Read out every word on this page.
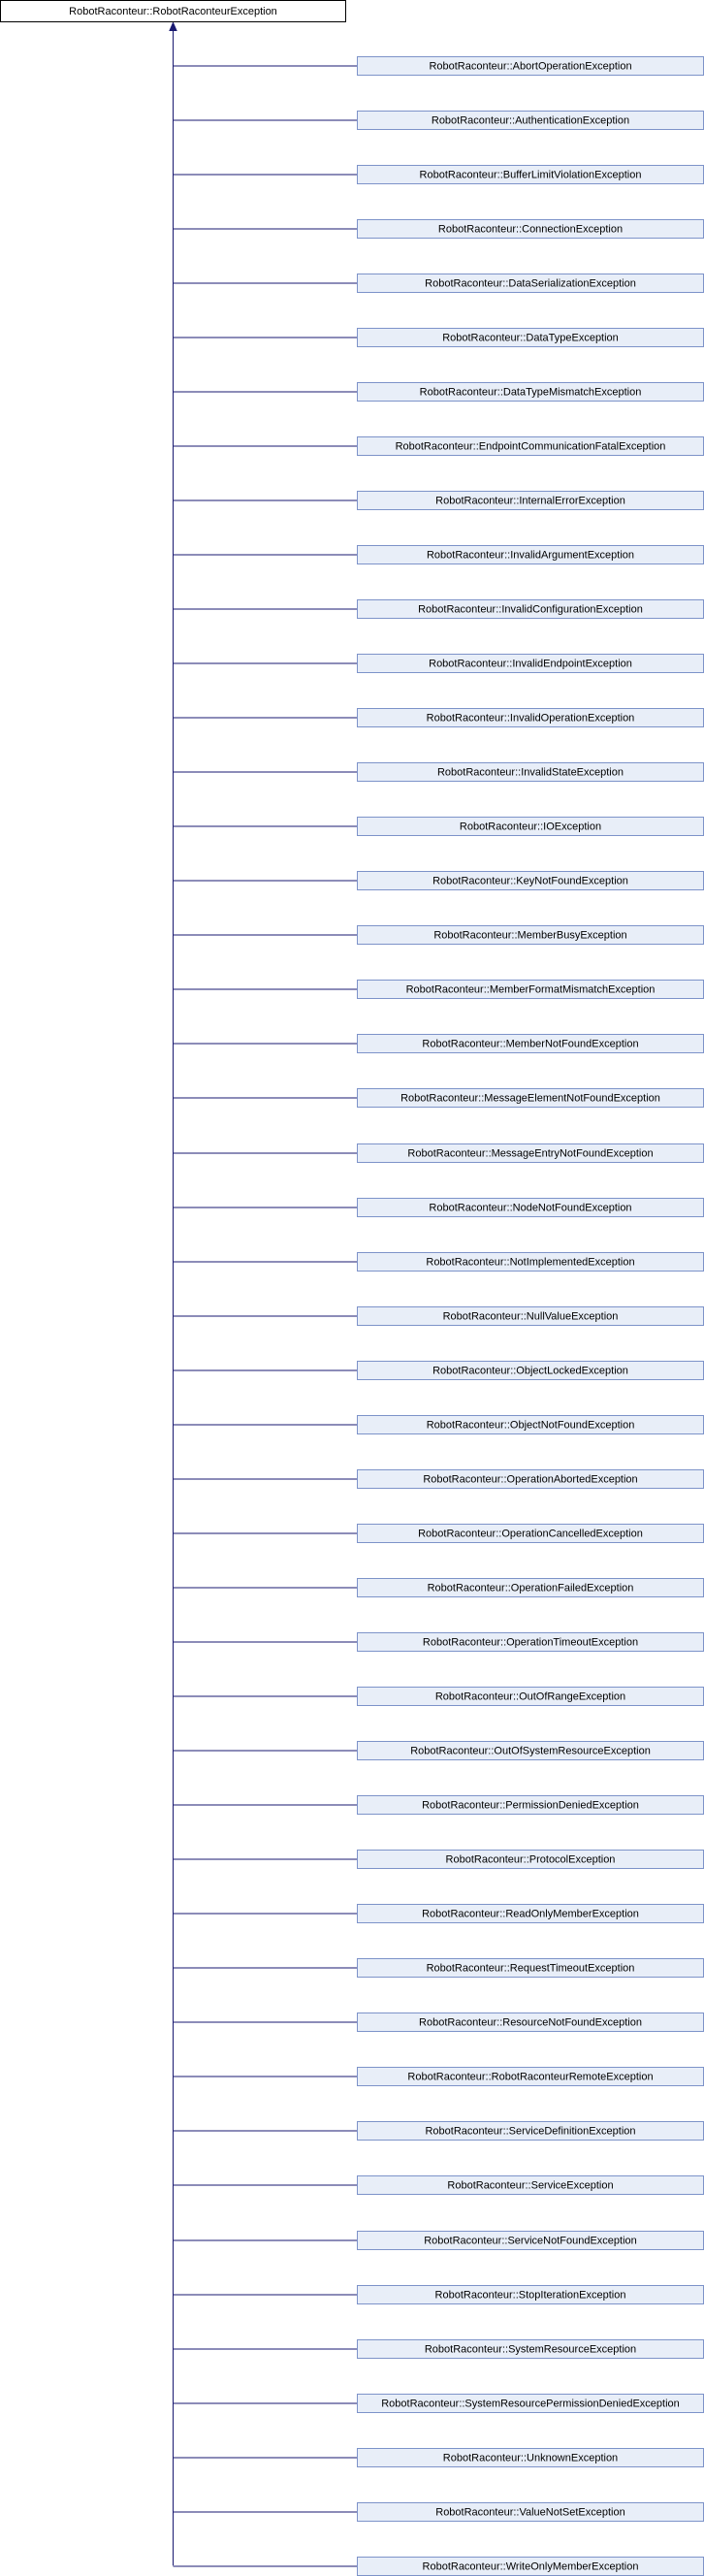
RobotRaconteur::RobotRaconteurException
RobotRaconteur::AbortOperationException
RobotRaconteur::AuthenticationException
RobotRaconteur::BufferLimitViolationException
RobotRaconteur::ConnectionException
RobotRaconteur::DataSerializationException
RobotRaconteur::DataTypeException
RobotRaconteur::DataTypeMismatchException
RobotRaconteur::EndpointCommunicationFatalException
RobotRaconteur::InternalErrorException
RobotRaconteur::InvalidArgumentException
RobotRaconteur::InvalidConfigurationException
RobotRaconteur::InvalidEndpointException
RobotRaconteur::InvalidOperationException
RobotRaconteur::InvalidStateException
RobotRaconteur::IOException
RobotRaconteur::KeyNotFoundException
RobotRaconteur::MemberBusyException
RobotRaconteur::MemberFormatMismatchException
RobotRaconteur::MemberNotFoundException
RobotRaconteur::MessageElementNotFoundException
RobotRaconteur::MessageEntryNotFoundException
RobotRaconteur::NodeNotFoundException
RobotRaconteur::NotImplementedException
RobotRaconteur::NullValueException
RobotRaconteur::ObjectLockedException
RobotRaconteur::ObjectNotFoundException
RobotRaconteur::OperationAbortedException
RobotRaconteur::OperationCancelledException
RobotRaconteur::OperationFailedException
RobotRaconteur::OperationTimeoutException
RobotRaconteur::OutOfRangeException
RobotRaconteur::OutOfSystemResourceException
RobotRaconteur::PermissionDeniedException
RobotRaconteur::ProtocolException
RobotRaconteur::ReadOnlyMemberException
RobotRaconteur::RequestTimeoutException
RobotRaconteur::ResourceNotFoundException
RobotRaconteur::RobotRaconteurRemoteException
RobotRaconteur::ServiceDefinitionException
RobotRaconteur::ServiceException
RobotRaconteur::ServiceNotFoundException
RobotRaconteur::StopIterationException
RobotRaconteur::SystemResourceException
RobotRaconteur::SystemResourcePermissionDeniedException
RobotRaconteur::UnknownException
RobotRaconteur::ValueNotSetException
RobotRaconteur::WriteOnlyMemberException
